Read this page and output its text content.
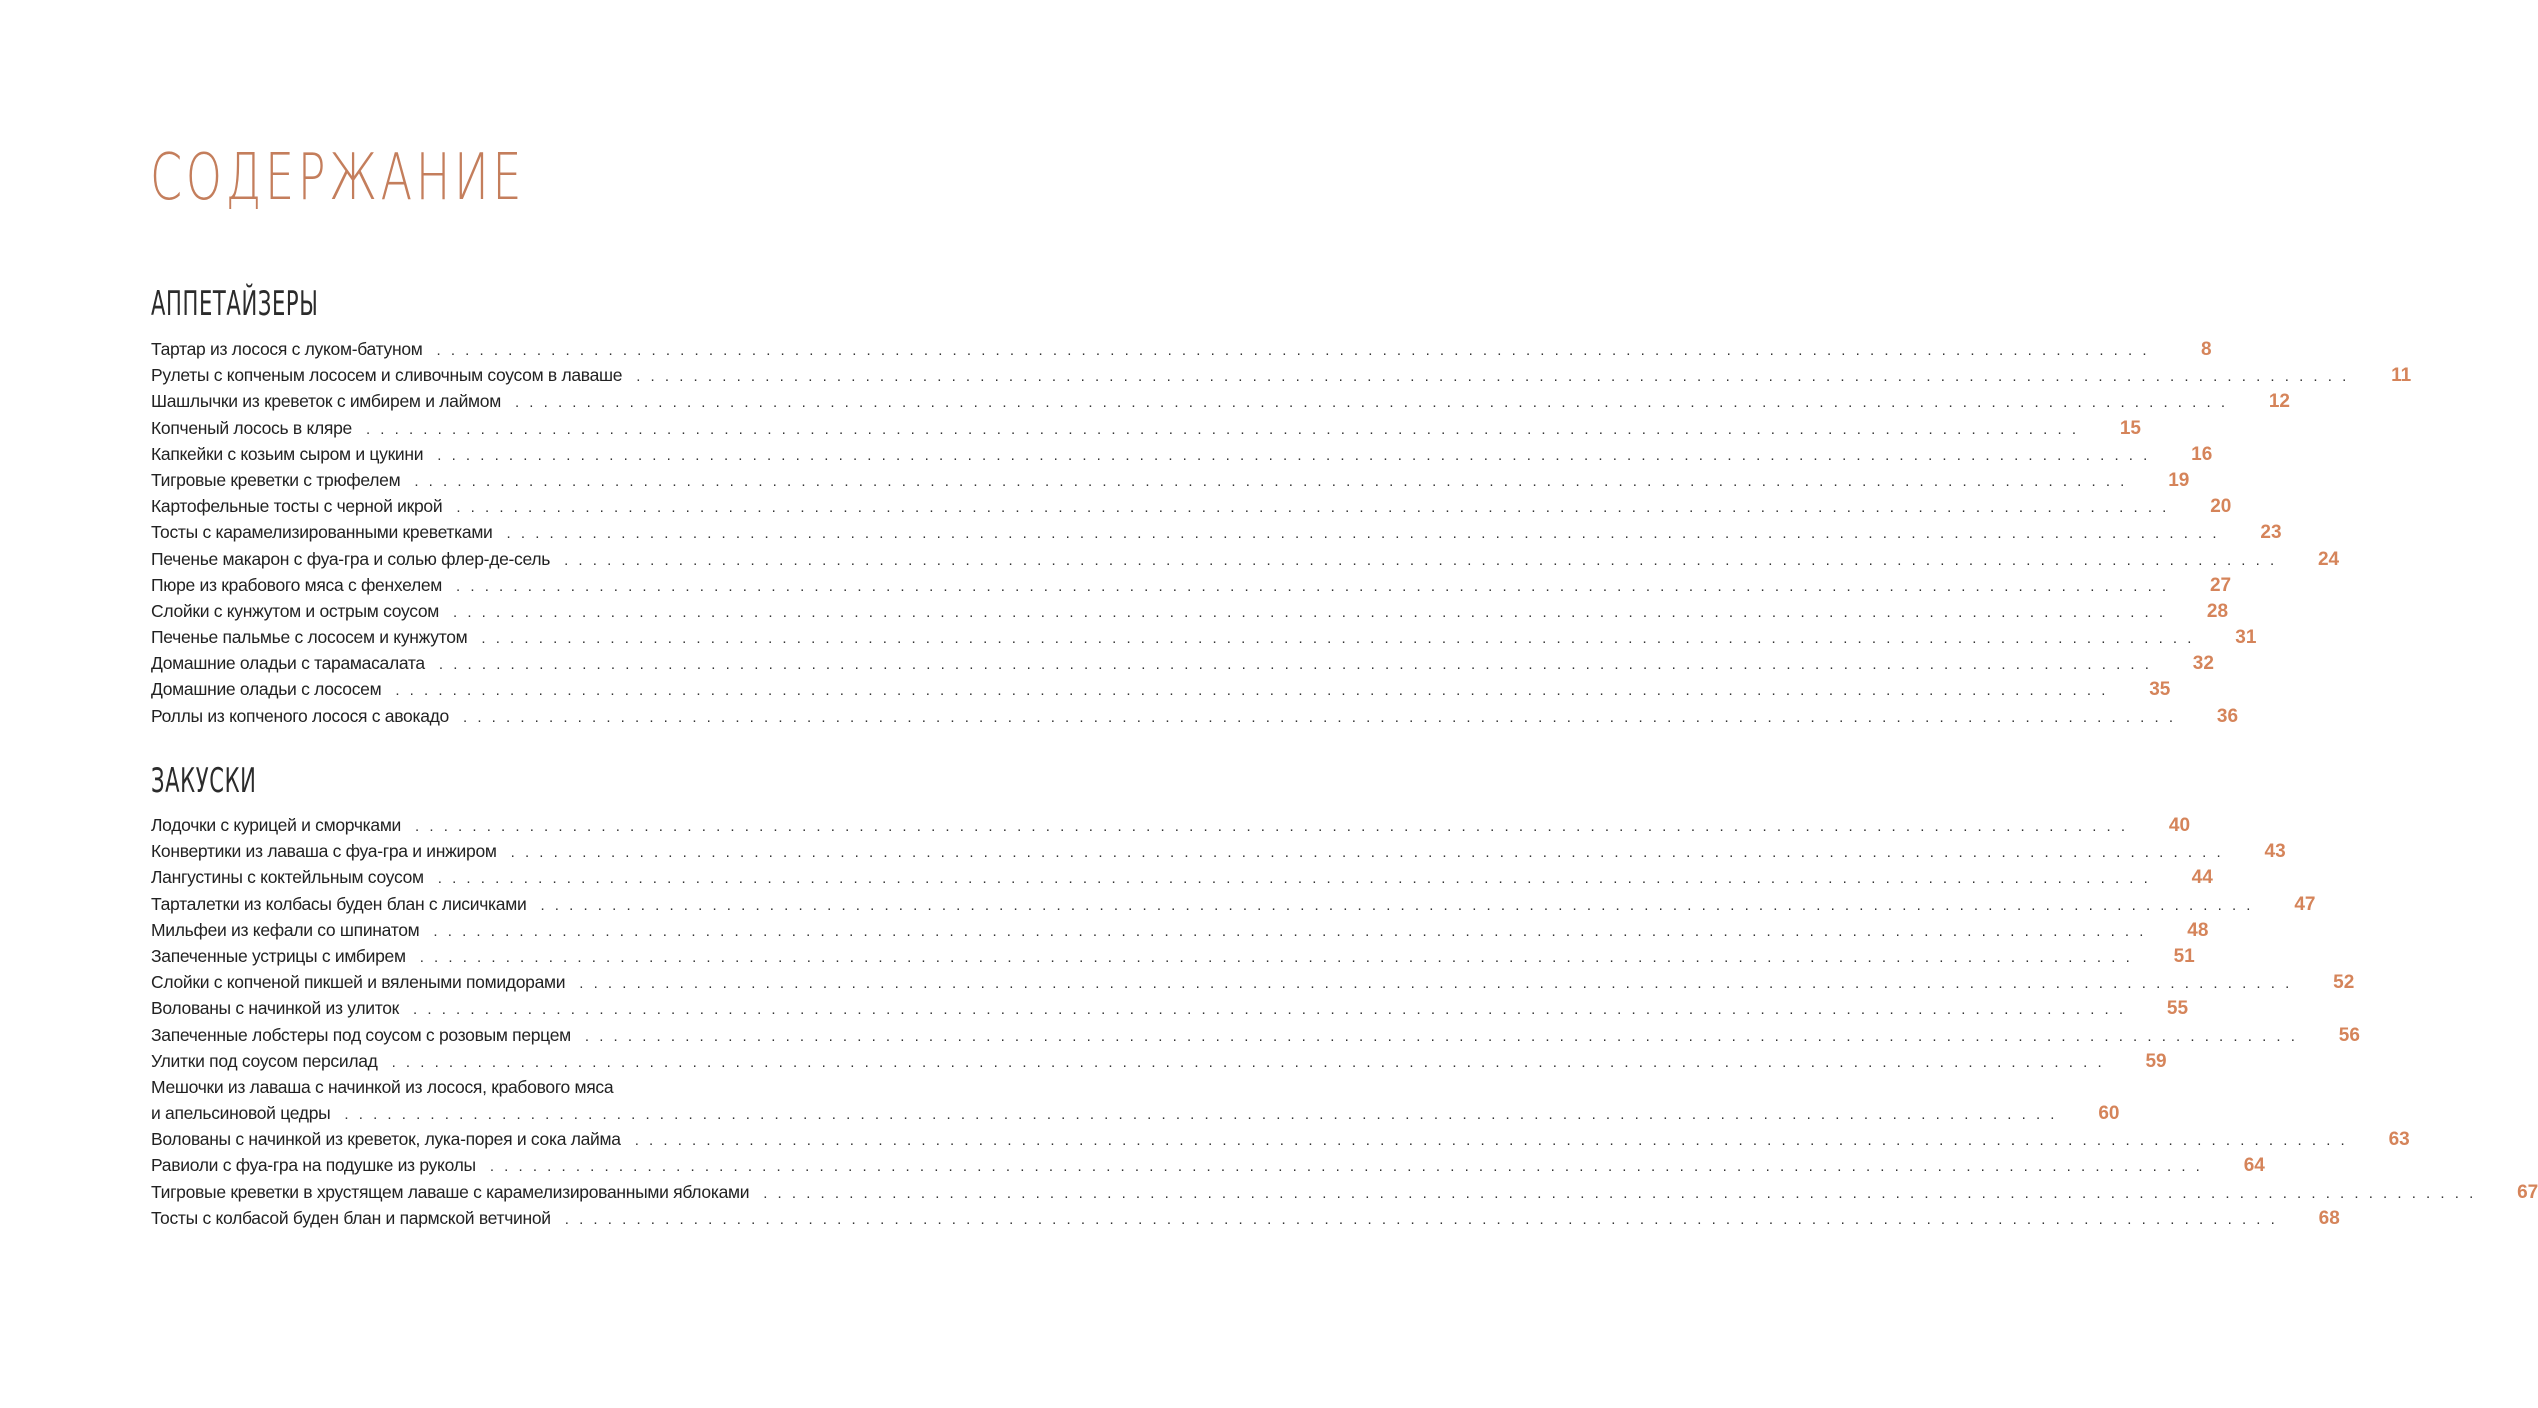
СОДЕРЖАНИЕ
АППЕТАЙЗЕРЫ
Тартар из лосося с луком-батуном . . . . . . . . . . . . . . . . . . . . . . . . . . . . . . . . . . . . . . . . . . . . . . . . . . . . . . . . . . . . . . . . . . . . . . . . . . . . . . . . . . . . . . . . . . . . . . . . . . . . . . . . . . . . . . . . . . . . . . . .	8
Рулеты с копченым лососем и сливочным соусом в лаваше . . . . . . . . . . . . . . . . . . . . . . . . . . . . . . . . . . . . . . . . . . . . . . . . . . . . . . . . . . . . . . . . . . . . . . . . . . . . . . . . . . . . . . . . . . . . . . . . . . . . . . . . . . . . . . . . . . . . . . . .	11
Шашлычки из креветок с имбирем и лаймом . . . . . . . . . . . . . . . . . . . . . . . . . . . . . . . . . . . . . . . . . . . . . . . . . . . . . . . . . . . . . . . . . . . . . . . . . . . . . . . . . . . . . . . . . . . . . . . . . . . . . . . . . . . . . . . . . . . . . . . .	12
Копченый лосось в кляре . . . . . . . . . . . . . . . . . . . . . . . . . . . . . . . . . . . . . . . . . . . . . . . . . . . . . . . . . . . . . . . . . . . . . . . . . . . . . . . . . . . . . . . . . . . . . . . . . . . . . . . . . . . . . . . . . . . . . . . .	15
Капкейки с козьим сыром и цукини . . . . . . . . . . . . . . . . . . . . . . . . . . . . . . . . . . . . . . . . . . . . . . . . . . . . . . . . . . . . . . . . . . . . . . . . . . . . . . . . . . . . . . . . . . . . . . . . . . . . . . . . . . . . . . . . . . . . . . . .	16
Тигровые креветки с трюфелем . . . . . . . . . . . . . . . . . . . . . . . . . . . . . . . . . . . . . . . . . . . . . . . . . . . . . . . . . . . . . . . . . . . . . . . . . . . . . . . . . . . . . . . . . . . . . . . . . . . . . . . . . . . . . . . . . . . . . . . .	19
Картофельные тосты с черной икрой . . . . . . . . . . . . . . . . . . . . . . . . . . . . . . . . . . . . . . . . . . . . . . . . . . . . . . . . . . . . . . . . . . . . . . . . . . . . . . . . . . . . . . . . . . . . . . . . . . . . . . . . . . . . . . . . . . . . . . . .	20
Тосты с карамелизированными креветками . . . . . . . . . . . . . . . . . . . . . . . . . . . . . . . . . . . . . . . . . . . . . . . . . . . . . . . . . . . . . . . . . . . . . . . . . . . . . . . . . . . . . . . . . . . . . . . . . . . . . . . . . . . . . . . . . . . . . . . .	23
Печенье макарон с фуа-гра и солью флер-де-сель . . . . . . . . . . . . . . . . . . . . . . . . . . . . . . . . . . . . . . . . . . . . . . . . . . . . . . . . . . . . . . . . . . . . . . . . . . . . . . . . . . . . . . . . . . . . . . . . . . . . . . . . . . . . . . . . . . . . . . . .	24
Пюре из крабового мяса с фенхелем . . . . . . . . . . . . . . . . . . . . . . . . . . . . . . . . . . . . . . . . . . . . . . . . . . . . . . . . . . . . . . . . . . . . . . . . . . . . . . . . . . . . . . . . . . . . . . . . . . . . . . . . . . . . . . . . . . . . . . . .	27
Слойки с кунжутом и острым соусом . . . . . . . . . . . . . . . . . . . . . . . . . . . . . . . . . . . . . . . . . . . . . . . . . . . . . . . . . . . . . . . . . . . . . . . . . . . . . . . . . . . . . . . . . . . . . . . . . . . . . . . . . . . . . . . . . . . . . . . .	28
Печенье пальмье с лососем и кунжутом . . . . . . . . . . . . . . . . . . . . . . . . . . . . . . . . . . . . . . . . . . . . . . . . . . . . . . . . . . . . . . . . . . . . . . . . . . . . . . . . . . . . . . . . . . . . . . . . . . . . . . . . . . . . . . . . . . . . . . . .	31
Домашние оладьи с тарамасалата . . . . . . . . . . . . . . . . . . . . . . . . . . . . . . . . . . . . . . . . . . . . . . . . . . . . . . . . . . . . . . . . . . . . . . . . . . . . . . . . . . . . . . . . . . . . . . . . . . . . . . . . . . . . . . . . . . . . . . . .	32
Домашние оладьи с лососем . . . . . . . . . . . . . . . . . . . . . . . . . . . . . . . . . . . . . . . . . . . . . . . . . . . . . . . . . . . . . . . . . . . . . . . . . . . . . . . . . . . . . . . . . . . . . . . . . . . . . . . . . . . . . . . . . . . . . . . .	35
Роллы из копченого лосося с авокадо . . . . . . . . . . . . . . . . . . . . . . . . . . . . . . . . . . . . . . . . . . . . . . . . . . . . . . . . . . . . . . . . . . . . . . . . . . . . . . . . . . . . . . . . . . . . . . . . . . . . . . . . . . . . . . . . . . . . . . . .	36
ЗАКУСКИ
Лодочки с курицей и сморчками . . . . . . . . . . . . . . . . . . . . . . . . . . . . . . . . . . . . . . . . . . . . . . . . . . . . . . . . . . . . . . . . . . . . . . . . . . . . . . . . . . . . . . . . . . . . . . . . . . . . . . . . . . . . . . . . . . . . . . . .	40
Конвертики из лаваша с фуа-гра и инжиром . . . . . . . . . . . . . . . . . . . . . . . . . . . . . . . . . . . . . . . . . . . . . . . . . . . . . . . . . . . . . . . . . . . . . . . . . . . . . . . . . . . . . . . . . . . . . . . . . . . . . . . . . . . . . . . . . . . . . . . .	43
Лангустины с коктейльным соусом . . . . . . . . . . . . . . . . . . . . . . . . . . . . . . . . . . . . . . . . . . . . . . . . . . . . . . . . . . . . . . . . . . . . . . . . . . . . . . . . . . . . . . . . . . . . . . . . . . . . . . . . . . . . . . . . . . . . . . . .	44
Тарталетки из колбасы буден блан с лисичками . . . . . . . . . . . . . . . . . . . . . . . . . . . . . . . . . . . . . . . . . . . . . . . . . . . . . . . . . . . . . . . . . . . . . . . . . . . . . . . . . . . . . . . . . . . . . . . . . . . . . . . . . . . . . . . . . . . . . . . .	47
Мильфеи из кефали со шпинатом . . . . . . . . . . . . . . . . . . . . . . . . . . . . . . . . . . . . . . . . . . . . . . . . . . . . . . . . . . . . . . . . . . . . . . . . . . . . . . . . . . . . . . . . . . . . . . . . . . . . . . . . . . . . . . . . . . . . . . . .	48
Запеченные устрицы с имбирем . . . . . . . . . . . . . . . . . . . . . . . . . . . . . . . . . . . . . . . . . . . . . . . . . . . . . . . . . . . . . . . . . . . . . . . . . . . . . . . . . . . . . . . . . . . . . . . . . . . . . . . . . . . . . . . . . . . . . . . .	51
Слойки с копченой пикшей и вялеными помидорами . . . . . . . . . . . . . . . . . . . . . . . . . . . . . . . . . . . . . . . . . . . . . . . . . . . . . . . . . . . . . . . . . . . . . . . . . . . . . . . . . . . . . . . . . . . . . . . . . . . . . . . . . . . . . . . . . . . . . . . .	52
Волованы с начинкой из улиток . . . . . . . . . . . . . . . . . . . . . . . . . . . . . . . . . . . . . . . . . . . . . . . . . . . . . . . . . . . . . . . . . . . . . . . . . . . . . . . . . . . . . . . . . . . . . . . . . . . . . . . . . . . . . . . . . . . . . . . .	55
Запеченные лобстеры под соусом с розовым перцем . . . . . . . . . . . . . . . . . . . . . . . . . . . . . . . . . . . . . . . . . . . . . . . . . . . . . . . . . . . . . . . . . . . . . . . . . . . . . . . . . . . . . . . . . . . . . . . . . . . . . . . . . . . . . . . . . . . . . . . .	56
Улитки под соусом персилад . . . . . . . . . . . . . . . . . . . . . . . . . . . . . . . . . . . . . . . . . . . . . . . . . . . . . . . . . . . . . . . . . . . . . . . . . . . . . . . . . . . . . . . . . . . . . . . . . . . . . . . . . . . . . . . . . . . . . . . .	59
Мешочки из лаваша с начинкой из лосося, крабового мяса
и апельсиновой цедры . . . . . . . . . . . . . . . . . . . . . . . . . . . . . . . . . . . . . . . . . . . . . . . . . . . . . . . . . . . . . . . . . . . . . . . . . . . . . . . . . . . . . . . . . . . . . . . . . . . . . . . . . . . . . . . . . . . . . . . .	60
Волованы с начинкой из креветок, лука-порея и сока лайма . . . . . . . . . . . . . . . . . . . . . . . . . . . . . . . . . . . . . . . . . . . . . . . . . . . . . . . . . . . . . . . . . . . . . . . . . . . . . . . . . . . . . . . . . . . . . . . . . . . . . . . . . . . . . . . . . . . . . . . .	63
Равиоли с фуа-гра на подушке из руколы . . . . . . . . . . . . . . . . . . . . . . . . . . . . . . . . . . . . . . . . . . . . . . . . . . . . . . . . . . . . . . . . . . . . . . . . . . . . . . . . . . . . . . . . . . . . . . . . . . . . . . . . . . . . . . . . . . . . . . . .	64
Тигровые креветки в хрустящем лаваше с карамелизированными яблоками . . . . . . . . . . . . . . . . . . . . . . . . . . . . . . . . . . . . . . . . . . . . . . . . . . . . . . . . . . . . . . . . . . . . . . . . . . . . . . . . . . . . . . . . . . . . . . . . . . . . . . . . . . . . . . . . . . . . . . . .	67
Тосты с колбасой буден блан и пармской ветчиной . . . . . . . . . . . . . . . . . . . . . . . . . . . . . . . . . . . . . . . . . . . . . . . . . . . . . . . . . . . . . . . . . . . . . . . . . . . . . . . . . . . . . . . . . . . . . . . . . . . . . . . . . . . . . . . . . . . . . . . .	68
